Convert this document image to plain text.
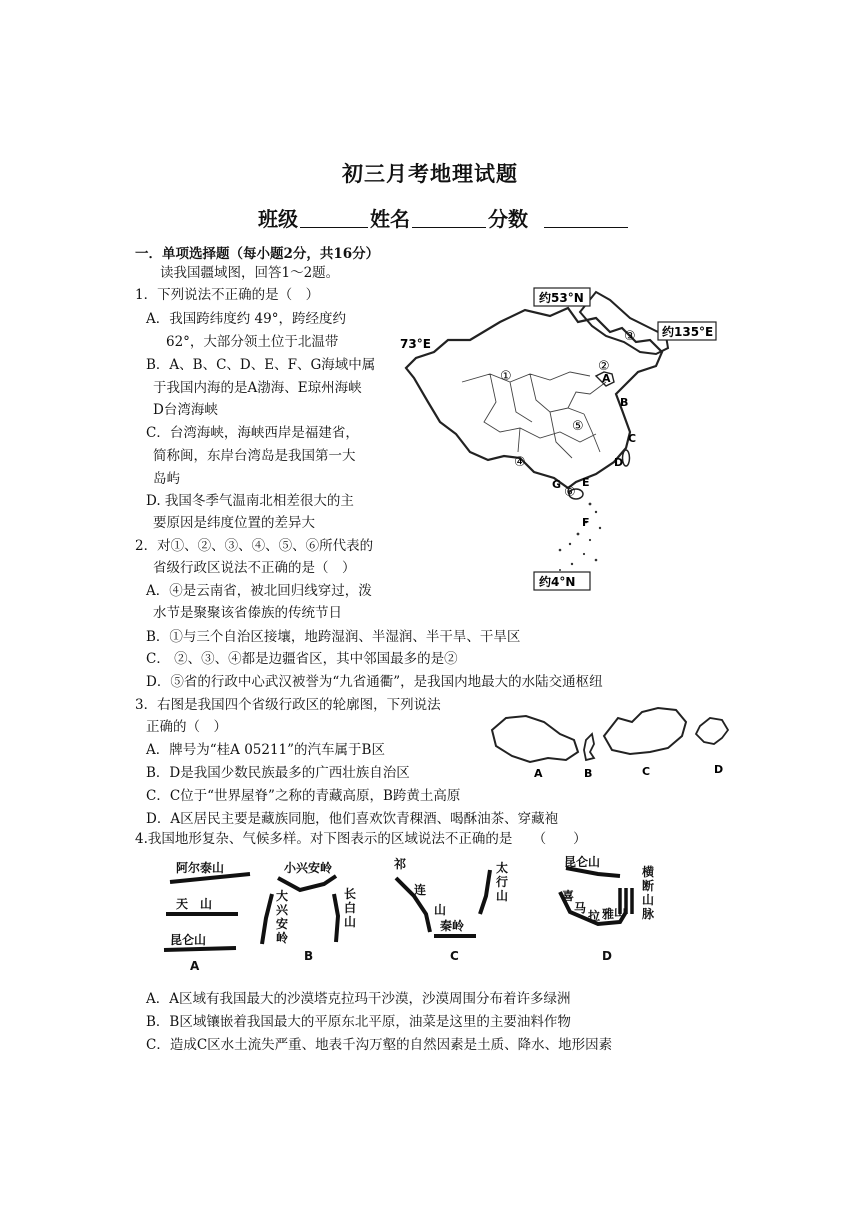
初三月考地理试题
班级	姓名	分数
一．单项选择题（每小题2分，共16分）
读我国疆域图，回答1～2题。
1．下列说法不正确的是（　）
A．我国跨纬度约 49°，跨经度约
62°，大部分领土位于北温带
B．A、B、C、D、E、F、G海域中属
于我国内海的是A渤海、E琼州海峡
D台湾海峡
C．台湾海峡，海峡西岸是福建省，
简称闽，东岸台湾岛是我国第一大
岛屿
D. 我国冬季气温南北相差很大的主
要原因是纬度位置的差异大
2．对①、②、③、④、⑤、⑥所代表的
省级行政区说法不正确的是（　）
A．④是云南省，被北回归线穿过，泼
水节是聚聚该省傣族的传统节日
B．①与三个自治区接壤，地跨湿润、半湿润、半干旱、干旱区
C． ②、③、④都是边疆省区，其中邻国最多的是②
D．⑤省的行政中心武汉被誉为“九省通衢”，是我国内地最大的水陆交通枢纽
3．右图是我国四个省级行政区的轮廓图，下列说法
正确的（　）
A．牌号为“桂A 05211”的汽车属于B区
B．D是我国少数民族最多的广西壮族自治区
C．C位于“世界屋脊”之称的青藏高原，B跨黄土高原
D．A区居民主要是藏族同胞，他们喜欢饮青稞酒、喝酥油茶、穿藏袍
4.我国地形复杂、气候多样。对下图表示的区域说法不正确的是　　（　　）
A．A区域有我国最大的沙漠塔克拉玛干沙漠，沙漠周围分布着许多绿洲
B．B区域镶嵌着我国最大的平原东北平原，油菜是这里的主要油料作物
C．造成C区水土流失严重、地表千沟万壑的自然因素是土质、降水、地形因素
约53°N
约135°E
73°E
约4°N
A
B
C
D
E
F
G
①
②
③
④
⑤
⑥
A	B	C	D
阿尔泰山
天　山
昆仑山
A
小兴安岭
大兴安岭
长白山
B
祁
连
山
太行山
秦岭
C
昆仑山
喜
马
拉 雅 山
横断山脉
D
